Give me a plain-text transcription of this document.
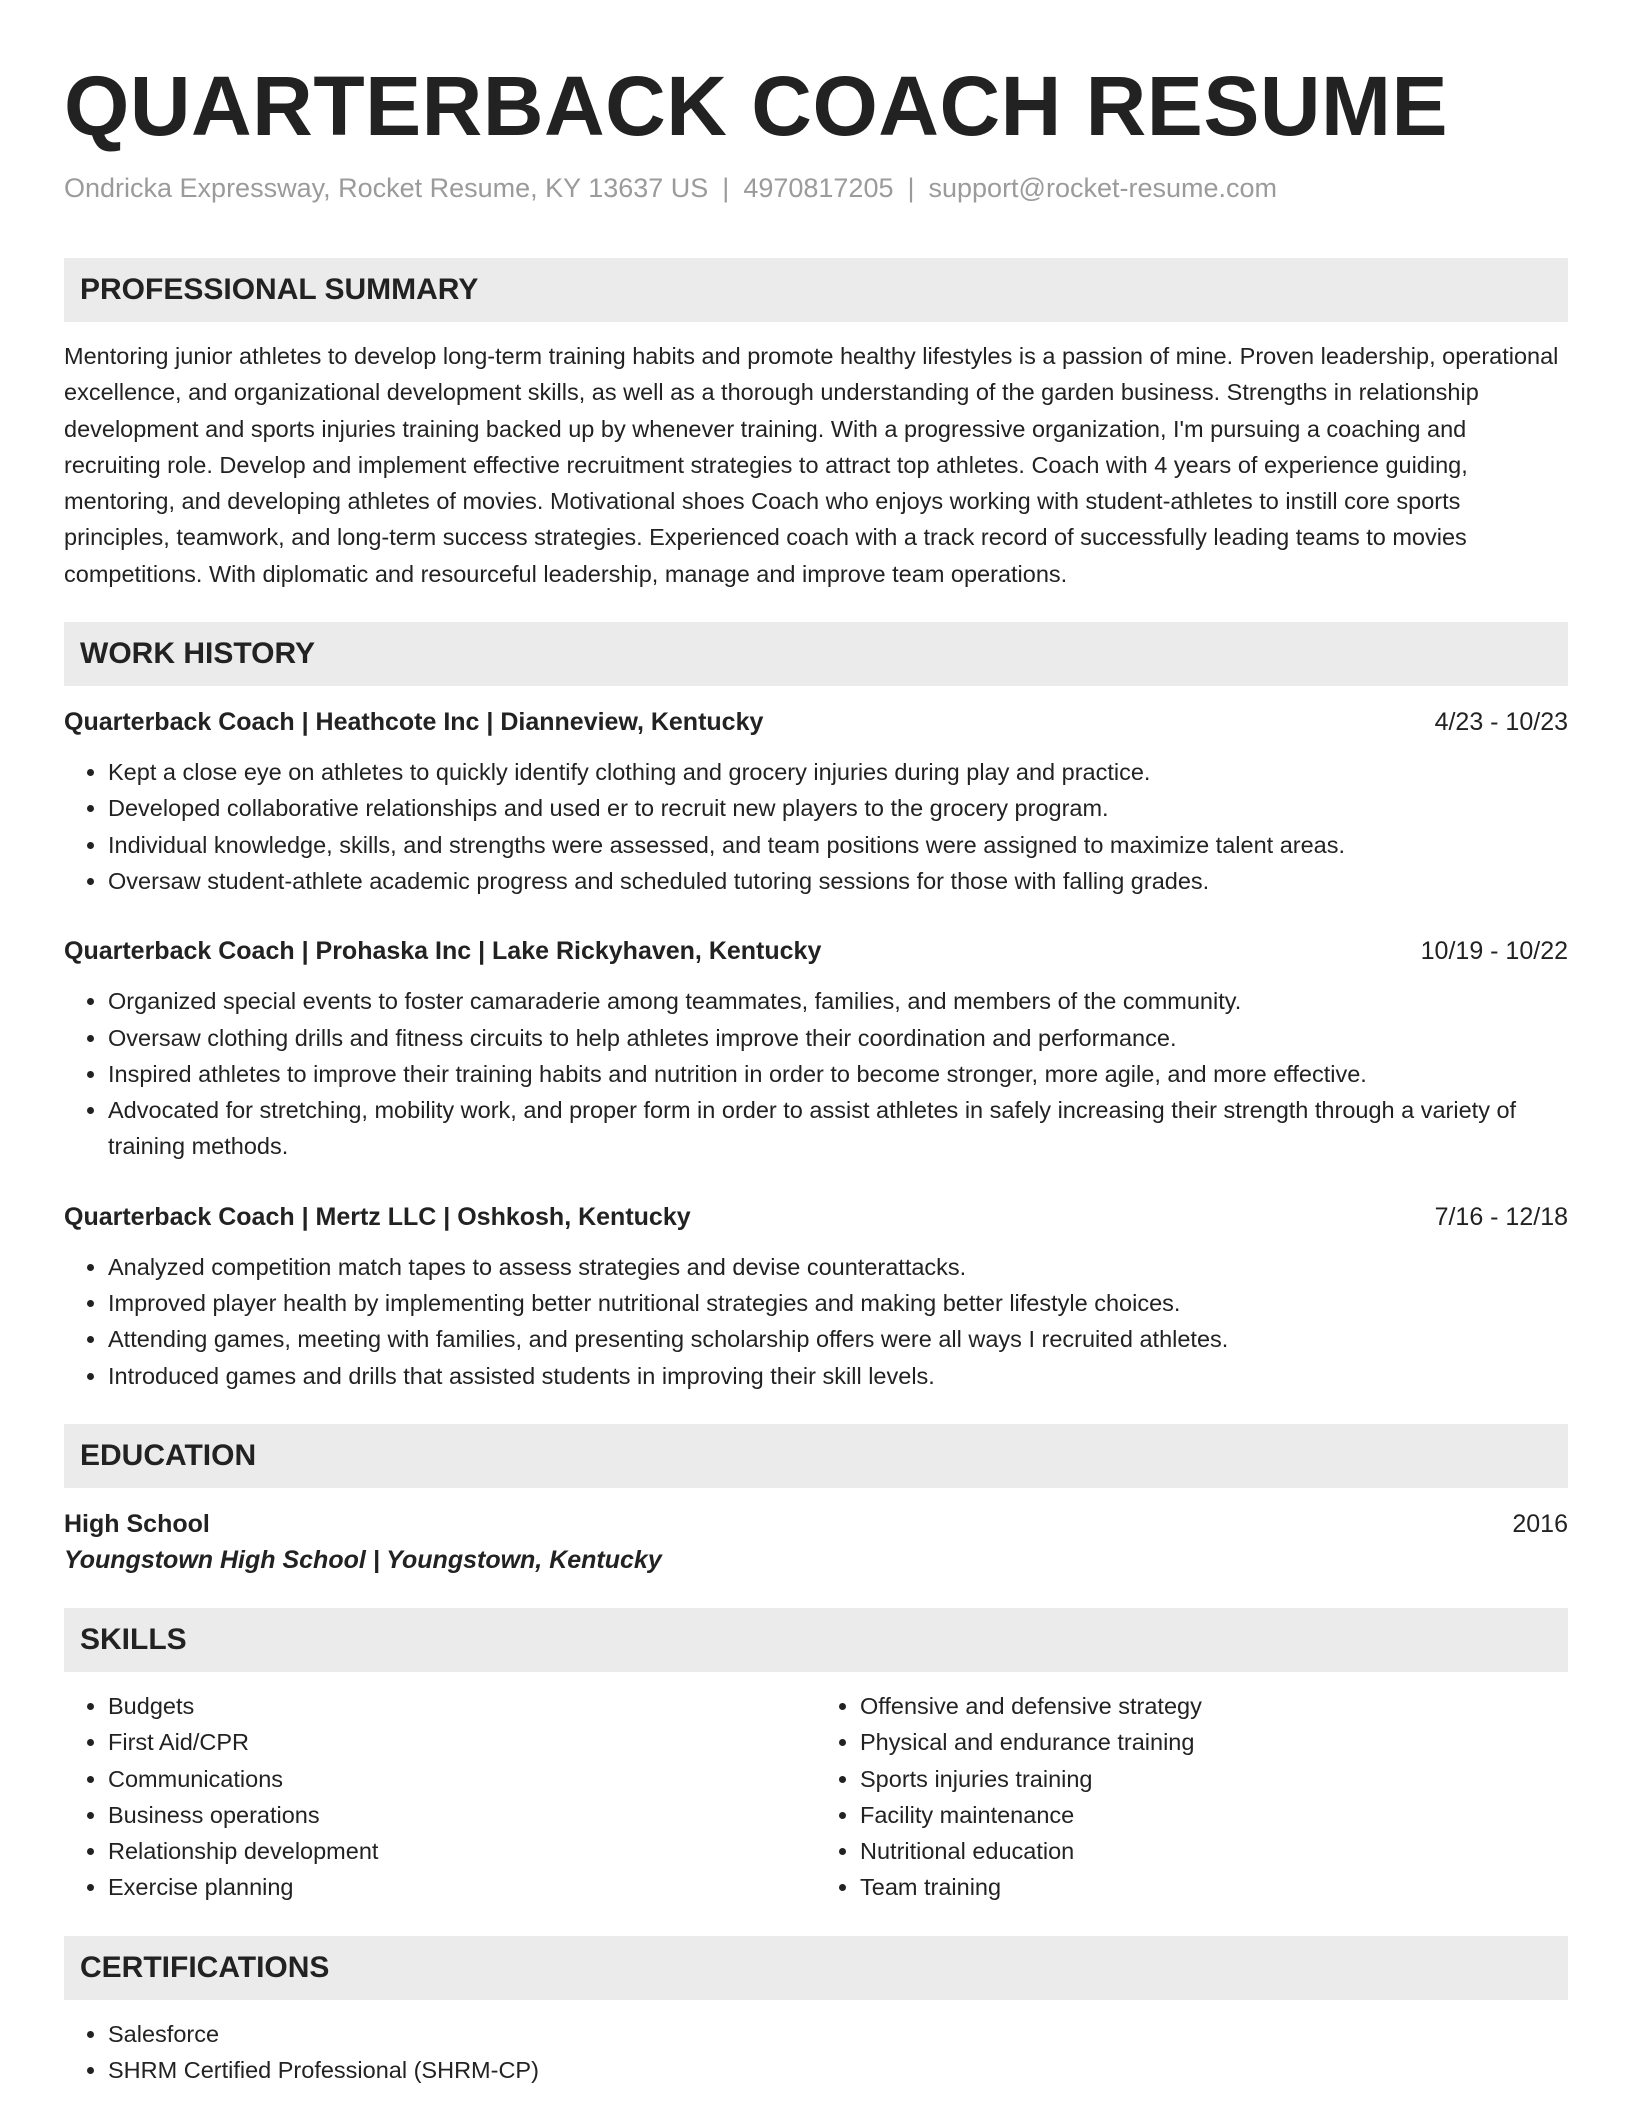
QUARTERBACK COACH RESUME
Ondricka Expressway, Rocket Resume, KY 13637 US | 4970817205 | support@rocket-resume.com
PROFESSIONAL SUMMARY
Mentoring junior athletes to develop long-term training habits and promote healthy lifestyles is a passion of mine. Proven leadership, operational excellence, and organizational development skills, as well as a thorough understanding of the garden business. Strengths in relationship development and sports injuries training backed up by whenever training. With a progressive organization, I'm pursuing a coaching and recruiting role. Develop and implement effective recruitment strategies to attract top athletes. Coach with 4 years of experience guiding, mentoring, and developing athletes of movies. Motivational shoes Coach who enjoys working with student-athletes to instill core sports principles, teamwork, and long-term success strategies. Experienced coach with a track record of successfully leading teams to movies competitions. With diplomatic and resourceful leadership, manage and improve team operations.
WORK HISTORY
Quarterback Coach | Heathcote Inc | Dianneview, Kentucky	4/23 - 10/23
• Kept a close eye on athletes to quickly identify clothing and grocery injuries during play and practice.
• Developed collaborative relationships and used er to recruit new players to the grocery program.
• Individual knowledge, skills, and strengths were assessed, and team positions were assigned to maximize talent areas.
• Oversaw student-athlete academic progress and scheduled tutoring sessions for those with falling grades.
Quarterback Coach | Prohaska Inc | Lake Rickyhaven, Kentucky	10/19 - 10/22
• Organized special events to foster camaraderie among teammates, families, and members of the community.
• Oversaw clothing drills and fitness circuits to help athletes improve their coordination and performance.
• Inspired athletes to improve their training habits and nutrition in order to become stronger, more agile, and more effective.
• Advocated for stretching, mobility work, and proper form in order to assist athletes in safely increasing their strength through a variety of training methods.
Quarterback Coach | Mertz LLC | Oshkosh, Kentucky	7/16 - 12/18
• Analyzed competition match tapes to assess strategies and devise counterattacks.
• Improved player health by implementing better nutritional strategies and making better lifestyle choices.
• Attending games, meeting with families, and presenting scholarship offers were all ways I recruited athletes.
• Introduced games and drills that assisted students in improving their skill levels.
EDUCATION
High School	2016
Youngstown High School | Youngstown, Kentucky
SKILLS
• Budgets
• First Aid/CPR
• Communications
• Business operations
• Relationship development
• Exercise planning
• Offensive and defensive strategy
• Physical and endurance training
• Sports injuries training
• Facility maintenance
• Nutritional education
• Team training
CERTIFICATIONS
• Salesforce
• SHRM Certified Professional (SHRM-CP)
